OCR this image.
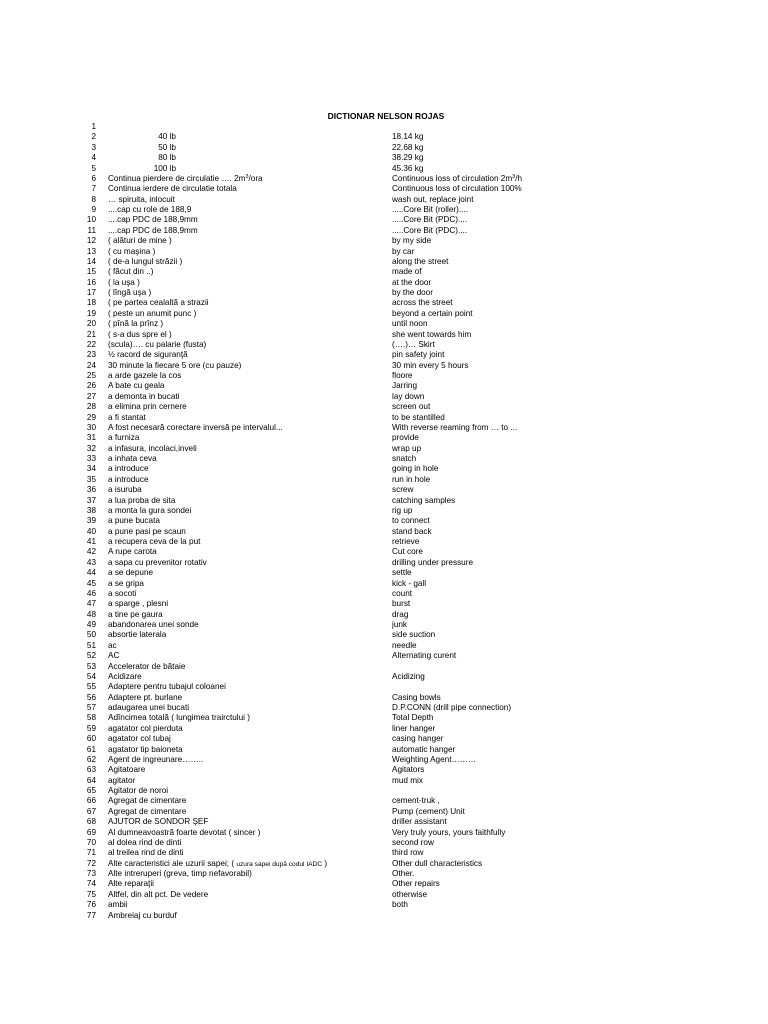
DICTIONAR NELSON ROJAS
1
2	40 lb	18.14 kg
3	50 lb	22.68 kg
4	80 lb	38.29 kg
5	100 lb	45.36 kg
6 Continua pierdere de circulatie …. $2m^3$/ora	Continuous loss of circulation $2m^3/h$
7 Continua ierdere de circulatie totala	Continuous loss of circulation 100%
8 … spiruita, inlocuit	wash out, replace joint
9 ....cap cu role de 188,9	.....Core Bit (roller)....
10 ....cap PDC de 188,9mm	.....Core Bit (PDC)....
11 ....cap PDC de 188,9mm	.....Core Bit (PDC)....
12 ( alături de mine )	by my side
13 ( cu maşina )	by car
14 ( de-a lungul străzii )	along the street
15 ( făcut din ..)	made of
16 ( la uşa )	at the door
17 ( lîngă uşa )	by the door
18 ( pe partea cealaltă a strazii	across the street
19 ( peste un anumit punc )	beyond a certain point
20 ( pînă la prînz )	until noon
21 ( s-a dus spre el )	she went towards him
22 (scula)…. cu palarie (fusta)	(….)… Skirt
23 ½ racord de siguranţă	pin safety joint
24 30 minute la fiecare 5 ore (cu pauze)	30 min every 5 hours
25 a arde gazele la cos	floore
26 A bate cu geala	Jarring
27 a demonta in bucati	lay down
28 a elimina prin cernere	screen out
29 a fi stantat	to be stantilled
30 A fost necesară corectare inversă pe intervalul...	With reverse reaming from … to ...
31 a furniza	provide
32 a infasura, incolaci,inveli	wrap up
33 a inhata ceva	snatch
34 a introduce	going in hole
35 a introduce	run in hole
36 a isuruba	screw
37 a lua proba de sita	catching samples
38 a monta la gura sondei	rig up
39 a pune bucata	to connect
40 a pune pasi pe scaun	stand back
41 a recupera ceva de la put	retrieve
42 A rupe carota	Cut core
43 a sapa cu prevenitor rotativ	drilling under pressure
44 a se depune	settle
45 a se gripa	kick - gall
46 a socoti	count
47 a sparge , plesni	burst
48 a tine pe gaura	drag
49 abandonarea unei sonde	junk
50 absortie laterala	side suction
51 ac	needle
52 AC	Alternating curent
53 Accelerator de bătaie
54 Acidizare	Acidizing
55 Adaptere pentru tubajul coloanei
56 Adaptere pt. burlane	Casing bowls
57 adaugarea unei bucati	D.P.CONN (drill pipe connection)
58 Adîncimea totală ( lungimea trairctului )	Total Depth
59 agatator col pierduta	liner hanger
60 agatator col tubaj	casing hanger
61 agatator tip baioneta	automatic hanger
62 Agent de ingreunare……..	Weighting Agent………
63 Agitatoare	Agitators
64 agitator	mud mix
65 Agitator de noroi
66 Agregat de cimentare	cement-truk ,
67 Agregat de cimentare	Pump (cement) Unit
68 AJUTOR de SONDOR ŞEF	driller assistant
69 Al dumneavoastră foarte devotat ( sincer )	Very truly yours, yours faithfully
70 al dolea rind de dinti	second row
71 al treilea rind de dinti	third row
72 Alte caracteristici ale uzurii sapei; ( uzura sapei după codul IADC )	Other dull characteristics
73 Alte intreruperi (greva, timp nefavorabil)	Other.
74 Alte reparaţii	Other repairs
75 Altfel, din alt pct. De vedere	otherwise
76 ambii	both
77 Ambreiaj cu burduf
